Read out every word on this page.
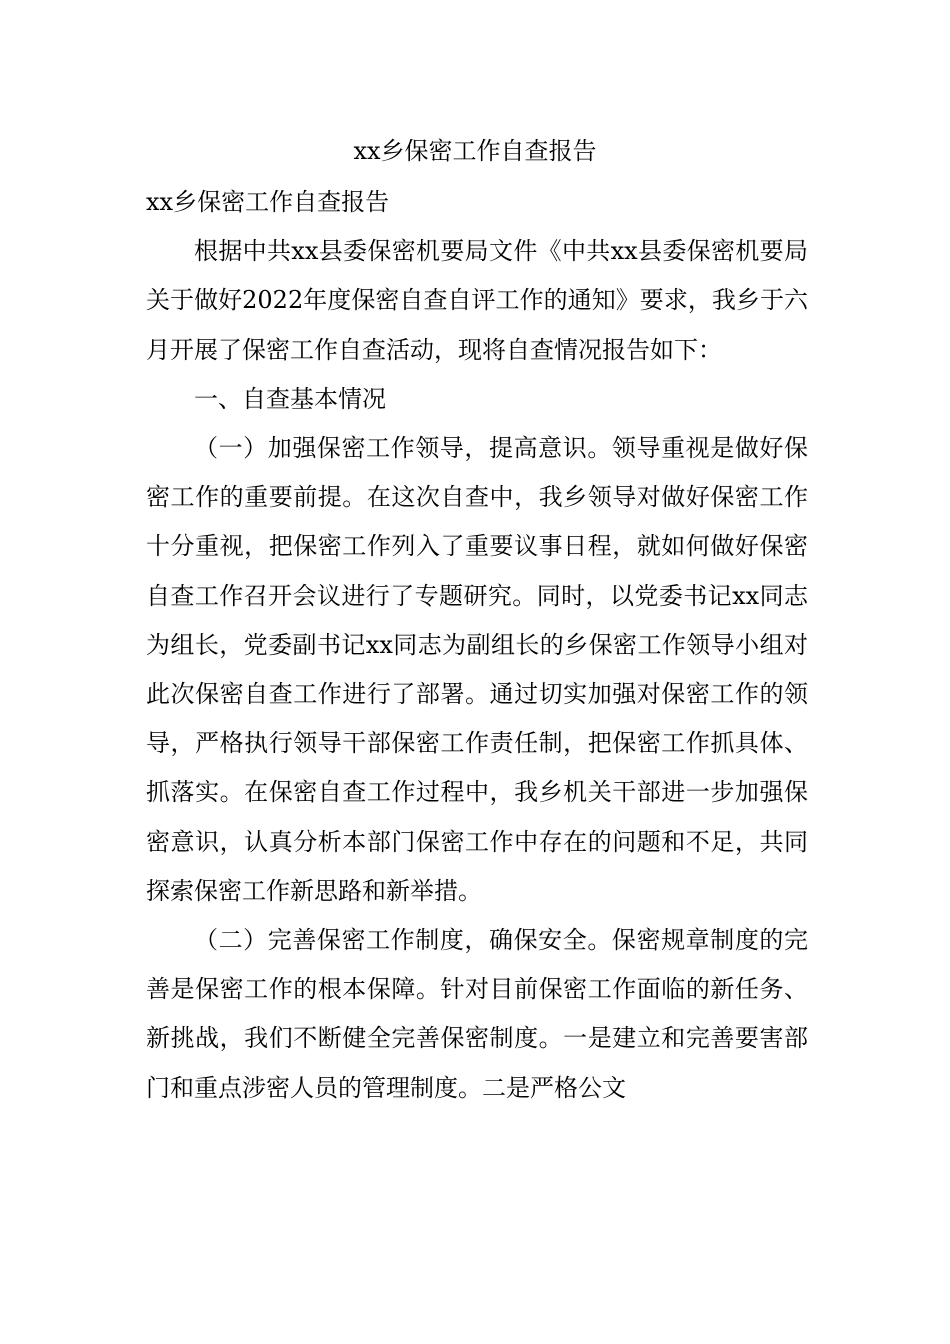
xx乡保密工作自查报告

xx乡保密工作自查报告

根据中共xx县委保密机要局文件《中共xx县委保密机要局关于做好2022年度保密自查自评工作的通知》要求，我乡于六月开展了保密工作自查活动，现将自查情况报告如下：

一、自查基本情况

（一）加强保密工作领导，提高意识。领导重视是做好保密工作的重要前提。在这次自查中，我乡领导对做好保密工作十分重视，把保密工作列入了重要议事日程，就如何做好保密自查工作召开会议进行了专题研究。同时，以党委书记xx同志为组长，党委副书记xx同志为副组长的乡保密工作领导小组对此次保密自查工作进行了部署。通过切实加强对保密工作的领导，严格执行领导干部保密工作责任制，把保密工作抓具体、抓落实。在保密自查工作过程中，我乡机关干部进一步加强保密意识，认真分析本部门保密工作中存在的问题和不足，共同探索保密工作新思路和新举措。

（二）完善保密工作制度，确保安全。保密规章制度的完善是保密工作的根本保障。针对目前保密工作面临的新任务、新挑战，我们不断健全完善保密制度。一是建立和完善要害部门和重点涉密人员的管理制度。二是严格公文
